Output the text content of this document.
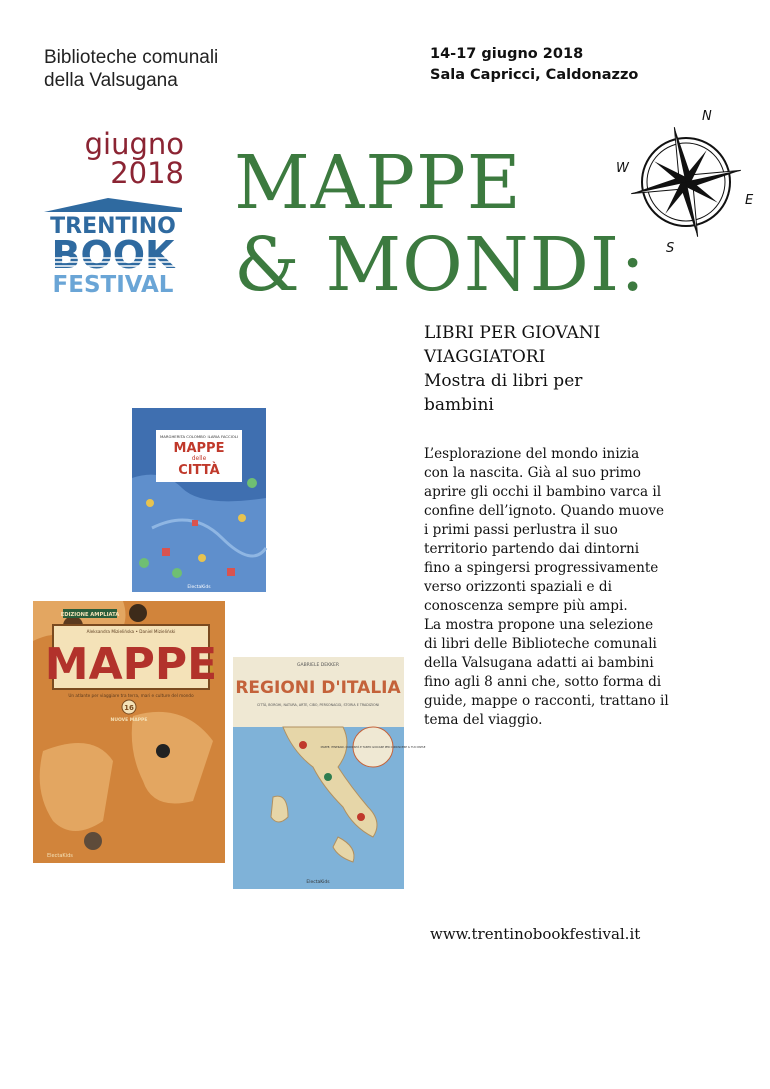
Biblioteche comunali
della Valsugana
14-17 giugno 2018
Sala Capricci, Caldonazzo
giugno
2018
TRENTINO
BOOK
FESTIVAL
MAPPE
& MONDI:
N
S
E
W
LIBRI PER GIOVANI
VIAGGIATORI
Mostra di libri per
bambini
L’esplorazione del mondo inizia
con la nascita. Già al suo primo
aprire gli occhi il bambino varca il
confine dell’ignoto. Quando muove
i primi passi perlustra il suo
territorio partendo dai dintorni
fino a spingersi progressivamente
verso orizzonti spaziali e di
conoscenza sempre più ampi.
La mostra propone una selezione
di libri delle Biblioteche comunali
della Valsugana adatti ai bambini
fino agli 8 anni che, sotto forma di
guide, mappe o racconti, trattano il
tema del viaggio.
MARGHERITA COLOMBO ILARIA FACCIOLI
MAPPE
delle
CITTÀ
ElectaKids
EDIZIONE AMPLIATA
MAPPE
Aleksandra Mizielińska • Daniel Mizieliński
Un atlante per viaggiare tra terra, mari e culture del mondo
16
NUOVE MAPPE
ElectaKids
GABRIELE DEKKER
REGIONI D'ITALIA
CITTÀ, BORGHI, NATURA, ARTE, CIBO, PERSONAGGI, STORIA E TRADIZIONI
MAPPE, ITINERARI, CURIOSITÀ E TANTO GIOCARE PER CONOSCERE IL TUO PAESE
ElectaKids
www.trentinobookfestival.it
